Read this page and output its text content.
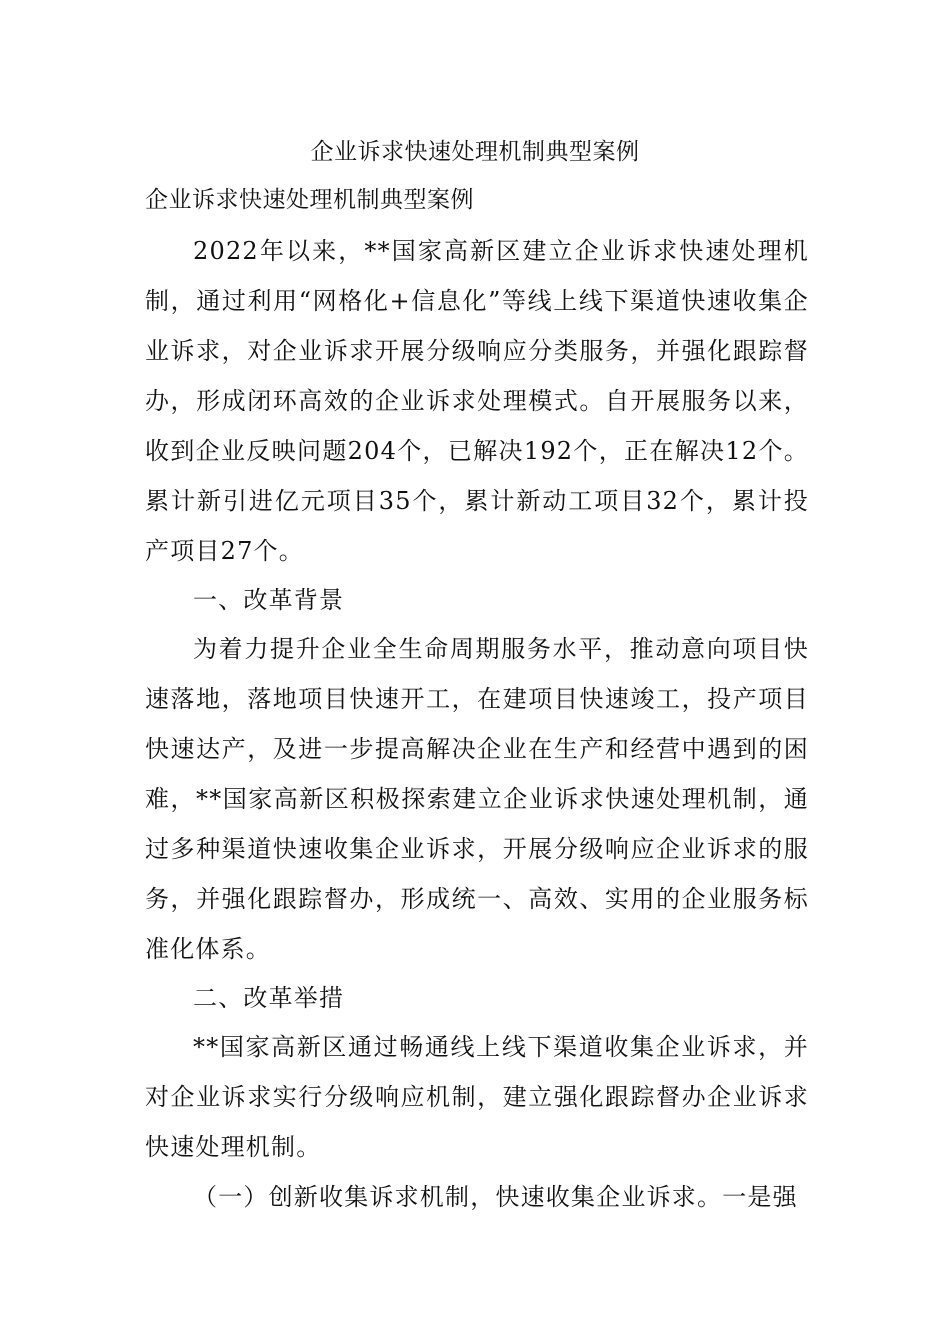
企业诉求快速处理机制典型案例
企业诉求快速处理机制典型案例

2022年以来，**国家高新区建立企业诉求快速处理机制，通过利用“网格化+信息化”等线上线下渠道快速收集企业诉求，对企业诉求开展分级响应分类服务，并强化跟踪督办，形成闭环高效的企业诉求处理模式。自开展服务以来，收到企业反映问题204个，已解决192个，正在解决12个。累计新引进亿元项目35个，累计新动工项目32个，累计投产项目27个。

一、改革背景

为着力提升企业全生命周期服务水平，推动意向项目快速落地，落地项目快速开工，在建项目快速竣工，投产项目快速达产，及进一步提高解决企业在生产和经营中遇到的困难，**国家高新区积极探索建立企业诉求快速处理机制，通过多种渠道快速收集企业诉求，开展分级响应企业诉求的服务，并强化跟踪督办，形成统一、高效、实用的企业服务标准化体系。

二、改革举措

**国家高新区通过畅通线上线下渠道收集企业诉求，并对企业诉求实行分级响应机制，建立强化跟踪督办企业诉求快速处理机制。

（一）创新收集诉求机制，快速收集企业诉求。一是强
